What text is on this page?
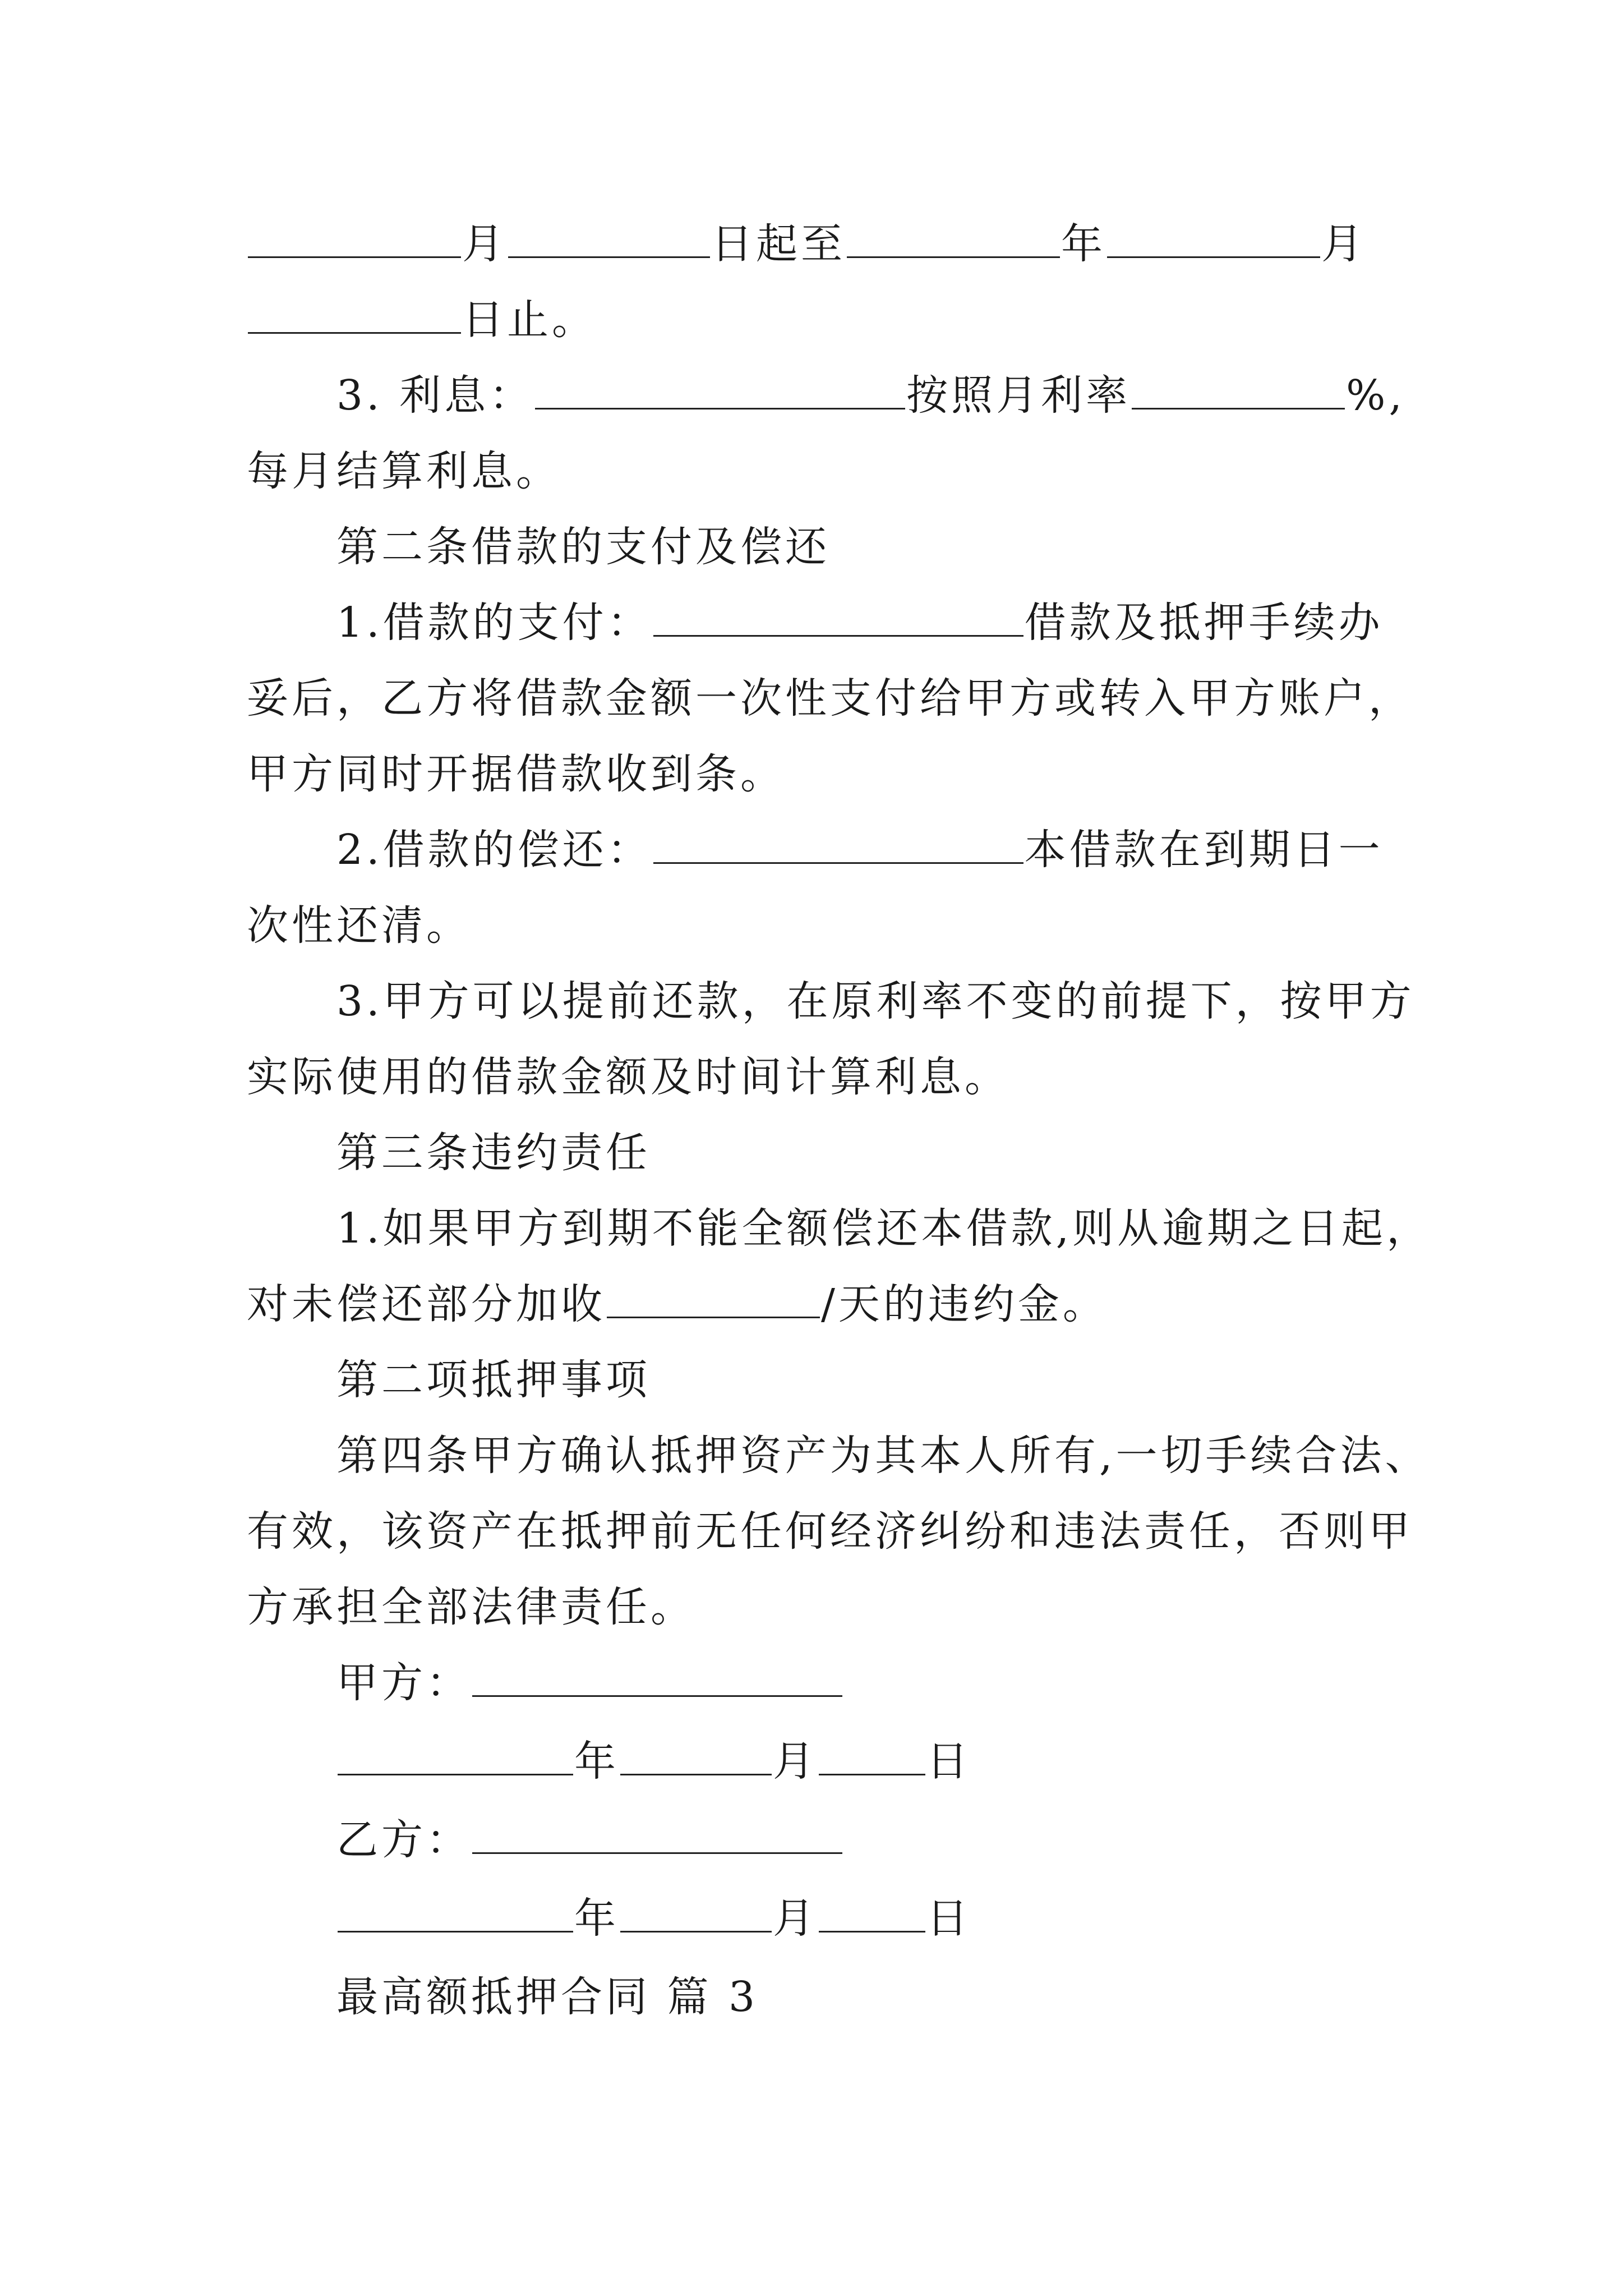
月	日起至	年	月
日止。
3. 利息：	按照月利率	%,
每月结算利息。
第二条借款的支付及偿还
1.借款的支付：	借款及抵押手续办
妥后，乙方将借款金额一次性支付给甲方或转入甲方账户，
甲方同时开据借款收到条。
2.借款的偿还：	本借款在到期日一
次性还清。
3.甲方可以提前还款，在原利率不变的前提下，按甲方
实际使用的借款金额及时间计算利息。
第三条违约责任
1.如果甲方到期不能全额偿还本借款,则从逾期之日起，
对未偿还部分加收	/天的违约金。
第二项抵押事项
第四条甲方确认抵押资产为其本人所有,一切手续合法、
有效，该资产在抵押前无任何经济纠纷和违法责任，否则甲
方承担全部法律责任。
甲方：
年	月	日
乙方：
年	月	日
最高额抵押合同 篇 3
